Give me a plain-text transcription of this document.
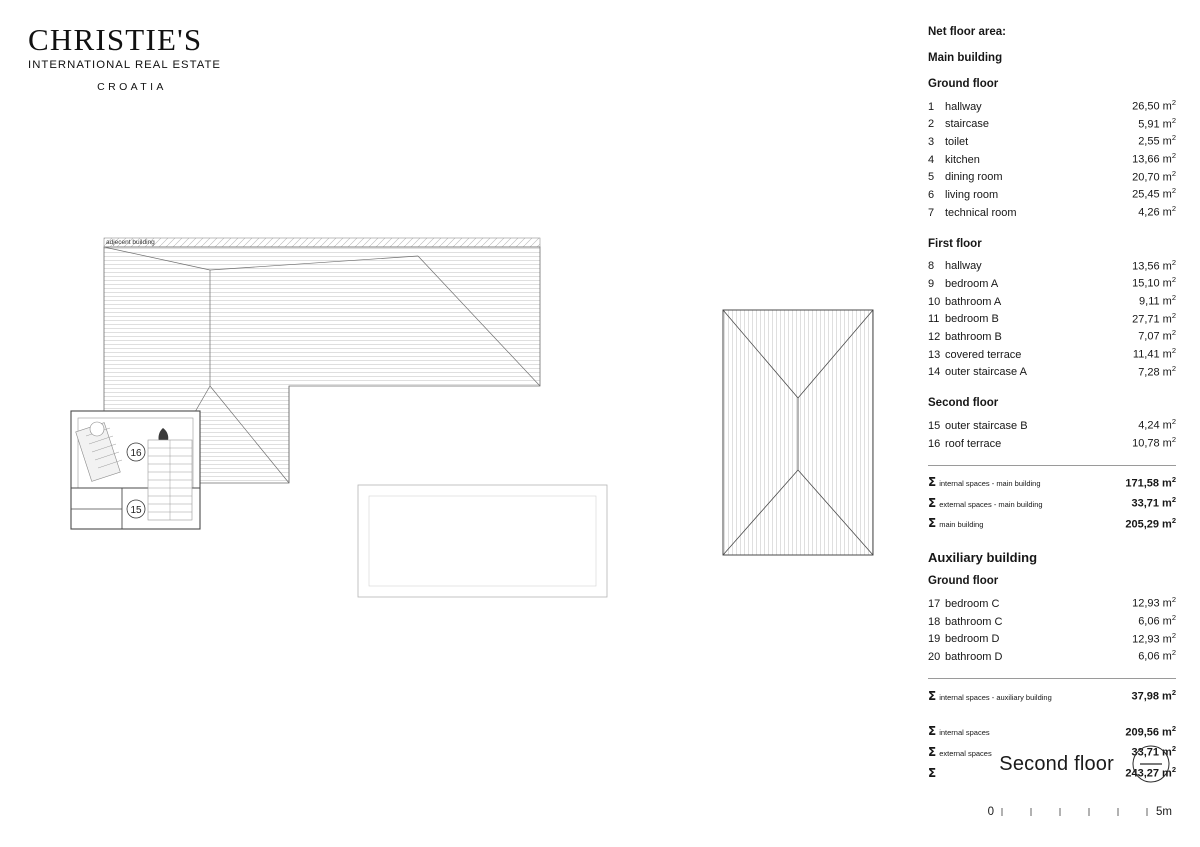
CHRISTIE'S
INTERNATIONAL REAL ESTATE
CROATIA
16
15
adjecent building
Net floor area:
Main building
Ground floor
1 hallway	26,50 $m^2$
2 staircase	5,91 $m^2$
3 toilet	2,55 $m^2$
4 kitchen	13,66 $m^2$
5 dining room	20,70 $m^2$
6 living room	25,45 $m^2$
7 technical room	4,26 $m^2$
First floor
8 hallway	13,56 $m^2$
9 bedroom A	15,10 $m^2$
10 bathroom A	9,11 $m^2$
11 bedroom B	27,71 $m^2$
12 bathroom B	7,07 $m^2$
13 covered terrace	11,41 $m^2$
14 outer staircase A	7,28 $m^2$
Second floor
15 outer staircase B	4,24 $m^2$
16 roof terrace	10,78 $m^2$
Σ internal spaces - main building	171,58 $m^2$
Σ external spaces - main building	33,71 $m^2$
Σ main building	205,29 $m^2$
Auxiliary building
Ground floor
17 bedroom C	12,93 $m^2$
18 bathroom C	6,06 $m^2$
19 bedroom D	12,93 $m^2$
20 bathroom D	6,06 $m^2$
Σ internal spaces - auxiliary building	37,98 $m^2$
Σ internal spaces	209,56 $m^2$
Σ external spaces	33,71 $m^2$
Σ	243,27 $m^2$
Second floor
0	5m
